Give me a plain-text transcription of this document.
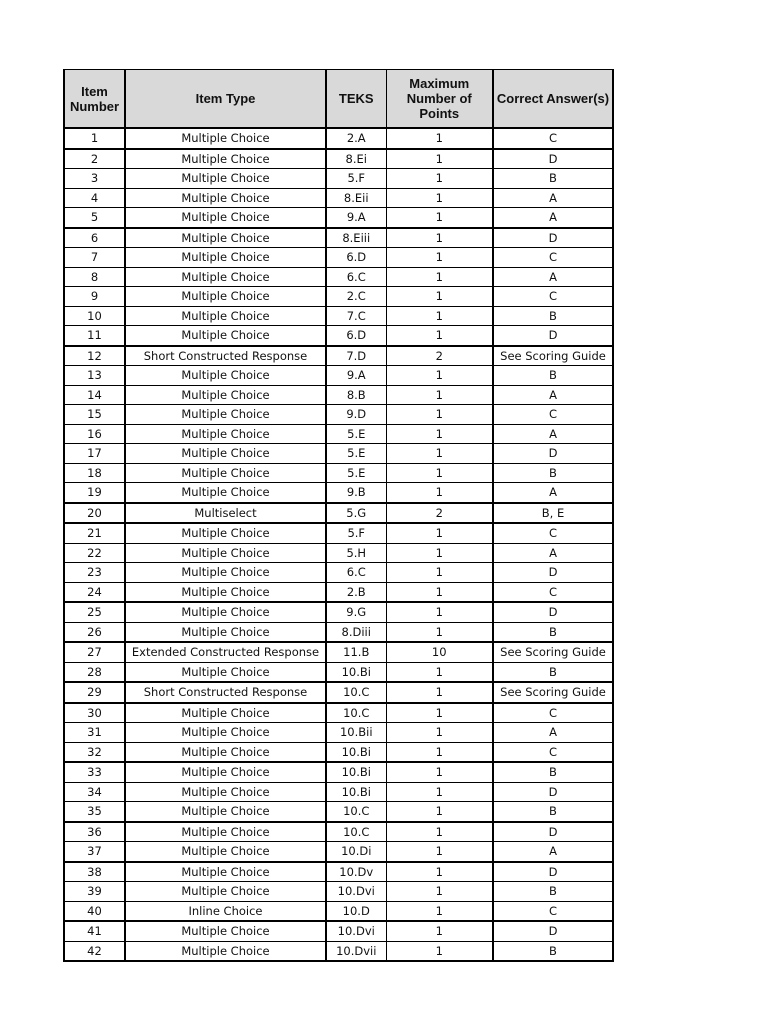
Item Number	Item Type	TEKS	Maximum Number of Points	Correct Answer(s)
1	Multiple Choice	2.A	1	C
2	Multiple Choice	8.Ei	1	D
3	Multiple Choice	5.F	1	B
4	Multiple Choice	8.Eii	1	A
5	Multiple Choice	9.A	1	A
6	Multiple Choice	8.Eiii	1	D
7	Multiple Choice	6.D	1	C
8	Multiple Choice	6.C	1	A
9	Multiple Choice	2.C	1	C
10	Multiple Choice	7.C	1	B
11	Multiple Choice	6.D	1	D
12	Short Constructed Response	7.D	2	See Scoring Guide
13	Multiple Choice	9.A	1	B
14	Multiple Choice	8.B	1	A
15	Multiple Choice	9.D	1	C
16	Multiple Choice	5.E	1	A
17	Multiple Choice	5.E	1	D
18	Multiple Choice	5.E	1	B
19	Multiple Choice	9.B	1	A
20	Multiselect	5.G	2	B, E
21	Multiple Choice	5.F	1	C
22	Multiple Choice	5.H	1	A
23	Multiple Choice	6.C	1	D
24	Multiple Choice	2.B	1	C
25	Multiple Choice	9.G	1	D
26	Multiple Choice	8.Diii	1	B
27	Extended Constructed Response	11.B	10	See Scoring Guide
28	Multiple Choice	10.Bi	1	B
29	Short Constructed Response	10.C	1	See Scoring Guide
30	Multiple Choice	10.C	1	C
31	Multiple Choice	10.Bii	1	A
32	Multiple Choice	10.Bi	1	C
33	Multiple Choice	10.Bi	1	B
34	Multiple Choice	10.Bi	1	D
35	Multiple Choice	10.C	1	B
36	Multiple Choice	10.C	1	D
37	Multiple Choice	10.Di	1	A
38	Multiple Choice	10.Dv	1	D
39	Multiple Choice	10.Dvi	1	B
40	Inline Choice	10.D	1	C
41	Multiple Choice	10.Dvi	1	D
42	Multiple Choice	10.Dvii	1	B
